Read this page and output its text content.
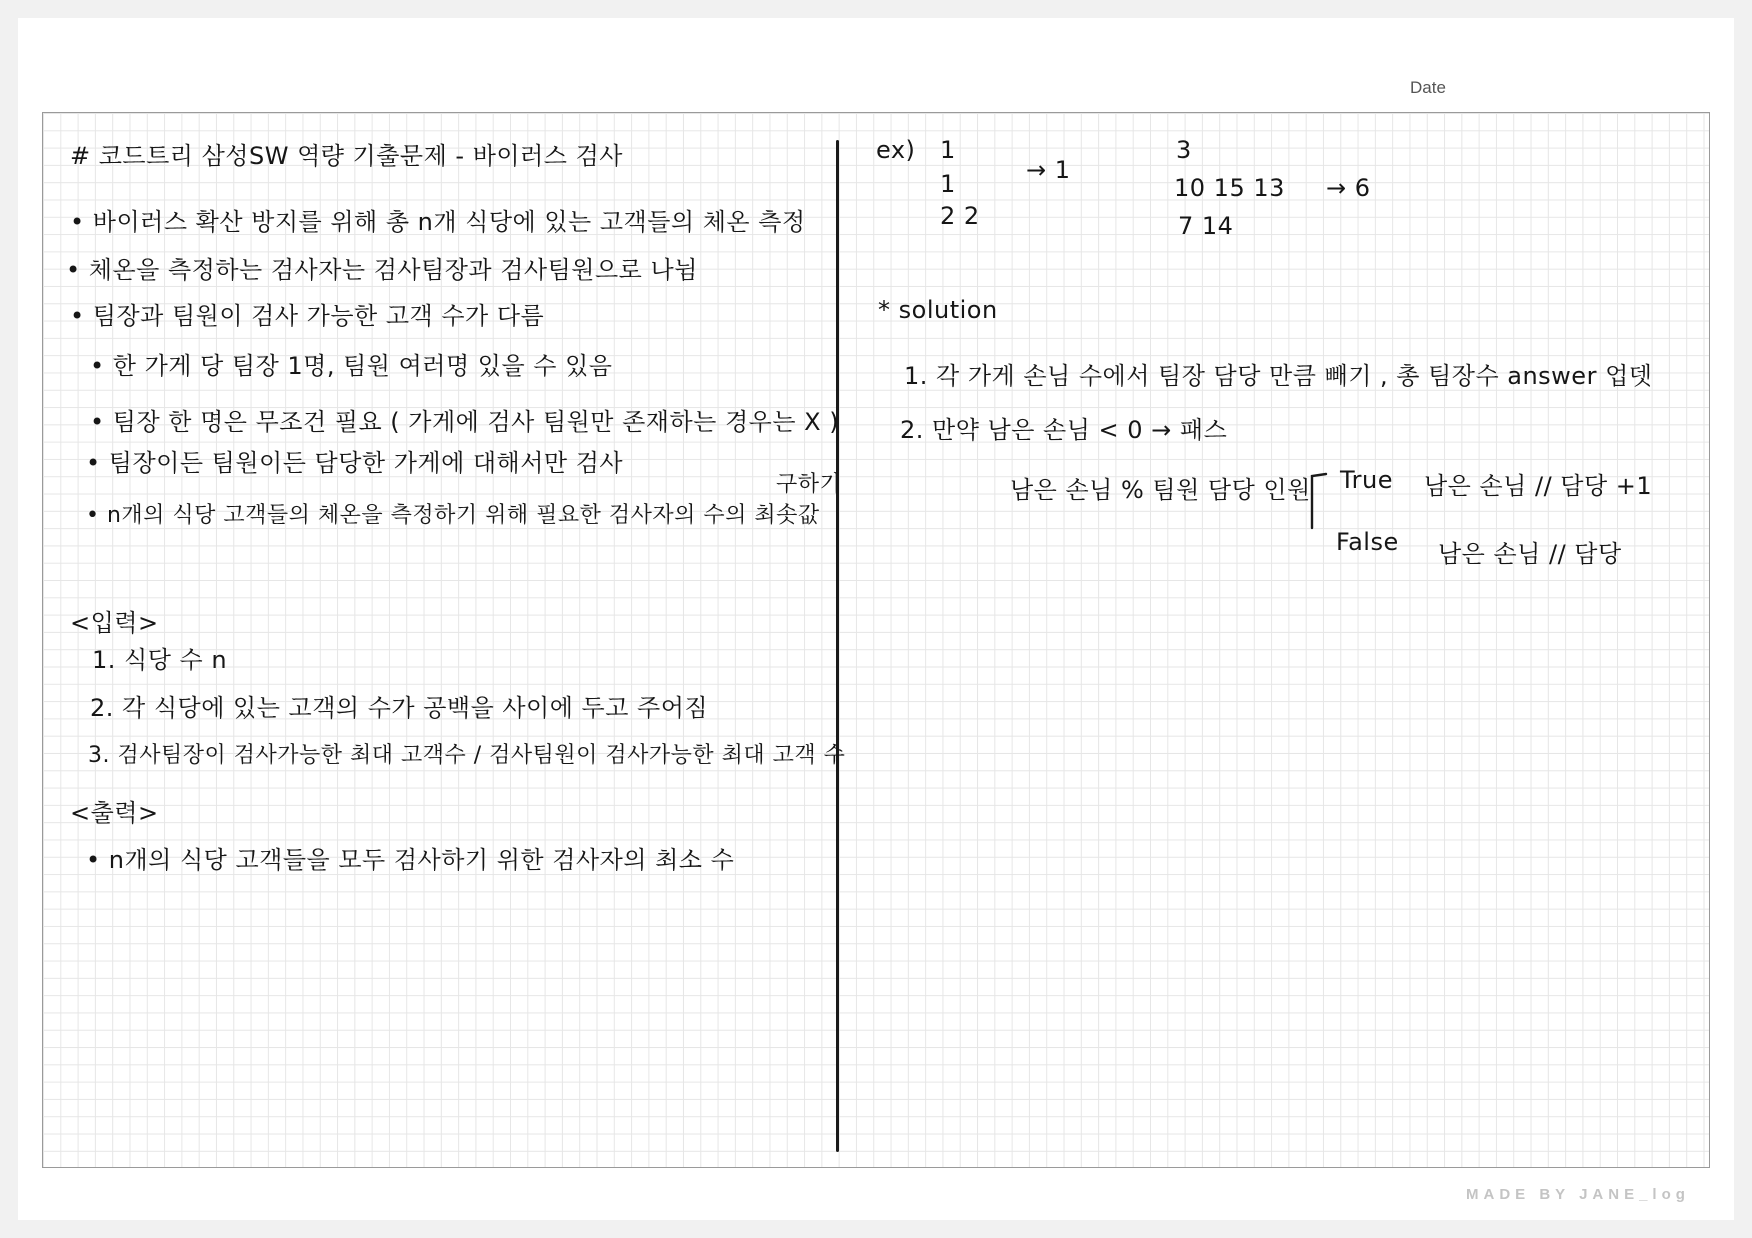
Date
# 코드트리 삼성SW 역량 기출문제 - 바이러스 검사
• 바이러스 확산 방지를 위해 총 n개 식당에 있는 고객들의 체온 측정
• 체온을 측정하는 검사자는 검사팀장과 검사팀원으로 나뉨
• 팀장과 팀원이 검사 가능한 고객 수가 다름
• 한 가게 당 팀장 1명, 팀원 여러명 있을 수 있음
• 팀장 한 명은 무조건 필요 ( 가게에 검사 팀원만 존재하는 경우는 X )
• 팀장이든 팀원이든 담당한 가게에 대해서만 검사
• n개의 식당 고객들의 체온을 측정하기 위해 필요한 검사자의 수의 최솟값
구하기
<입력>
1. 식당 수 n
2. 각 식당에 있는 고객의 수가 공백을 사이에 두고 주어짐
3. 검사팀장이 검사가능한 최대 고객수 / 검사팀원이 검사가능한 최대 고객 수
<출력>
• n개의 식당 고객들을 모두 검사하기 위한 검사자의 최소 수
ex) 1
1
2 2
→ 1
3
10 15 13
7 14
→ 6
* solution
1. 각 가게 손님 수에서 팀장 담당 만큼 빼기 , 총 팀장수 answer 업뎃
2. 만약 남은 손님 < 0 → 패스
남은 손님 % 팀원 담당 인원 True 남은 손님 // 담당 +1
False 남은 손님 // 담당
MADE BY JANE_log
